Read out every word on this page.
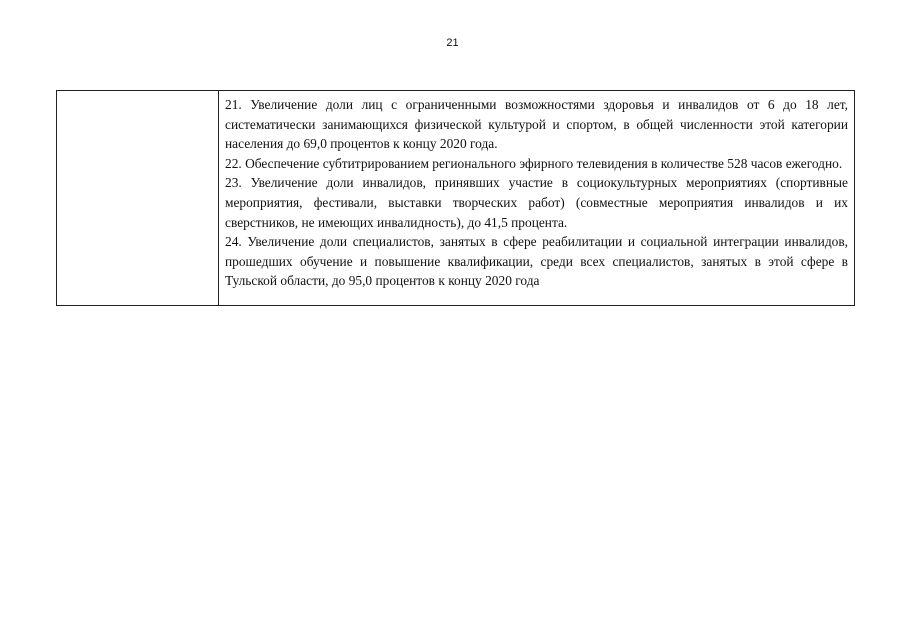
21

21. Увеличение доли лиц с ограниченными возможностями здоровья и инвалидов от 6 до 18 лет, систематически занимающихся физической культурой и спортом, в общей численности этой категории населения до 69,0 процентов к концу 2020 года.

22. Обеспечение субтитрированием регионального эфирного телевидения в количестве 528 часов ежегодно.

23. Увеличение доли инвалидов, принявших участие в социокультурных мероприятиях (спортивные мероприятия, фестивали, выставки творческих работ) (совместные мероприятия инвалидов и их сверстников, не имеющих инвалидность), до 41,5 процента.

24. Увеличение доли специалистов, занятых в сфере реабилитации и социальной интеграции инвалидов, прошедших обучение и повышение квалификации, среди всех специалистов, занятых в этой сфере в Тульской области, до 95,0 процентов к концу 2020 года
